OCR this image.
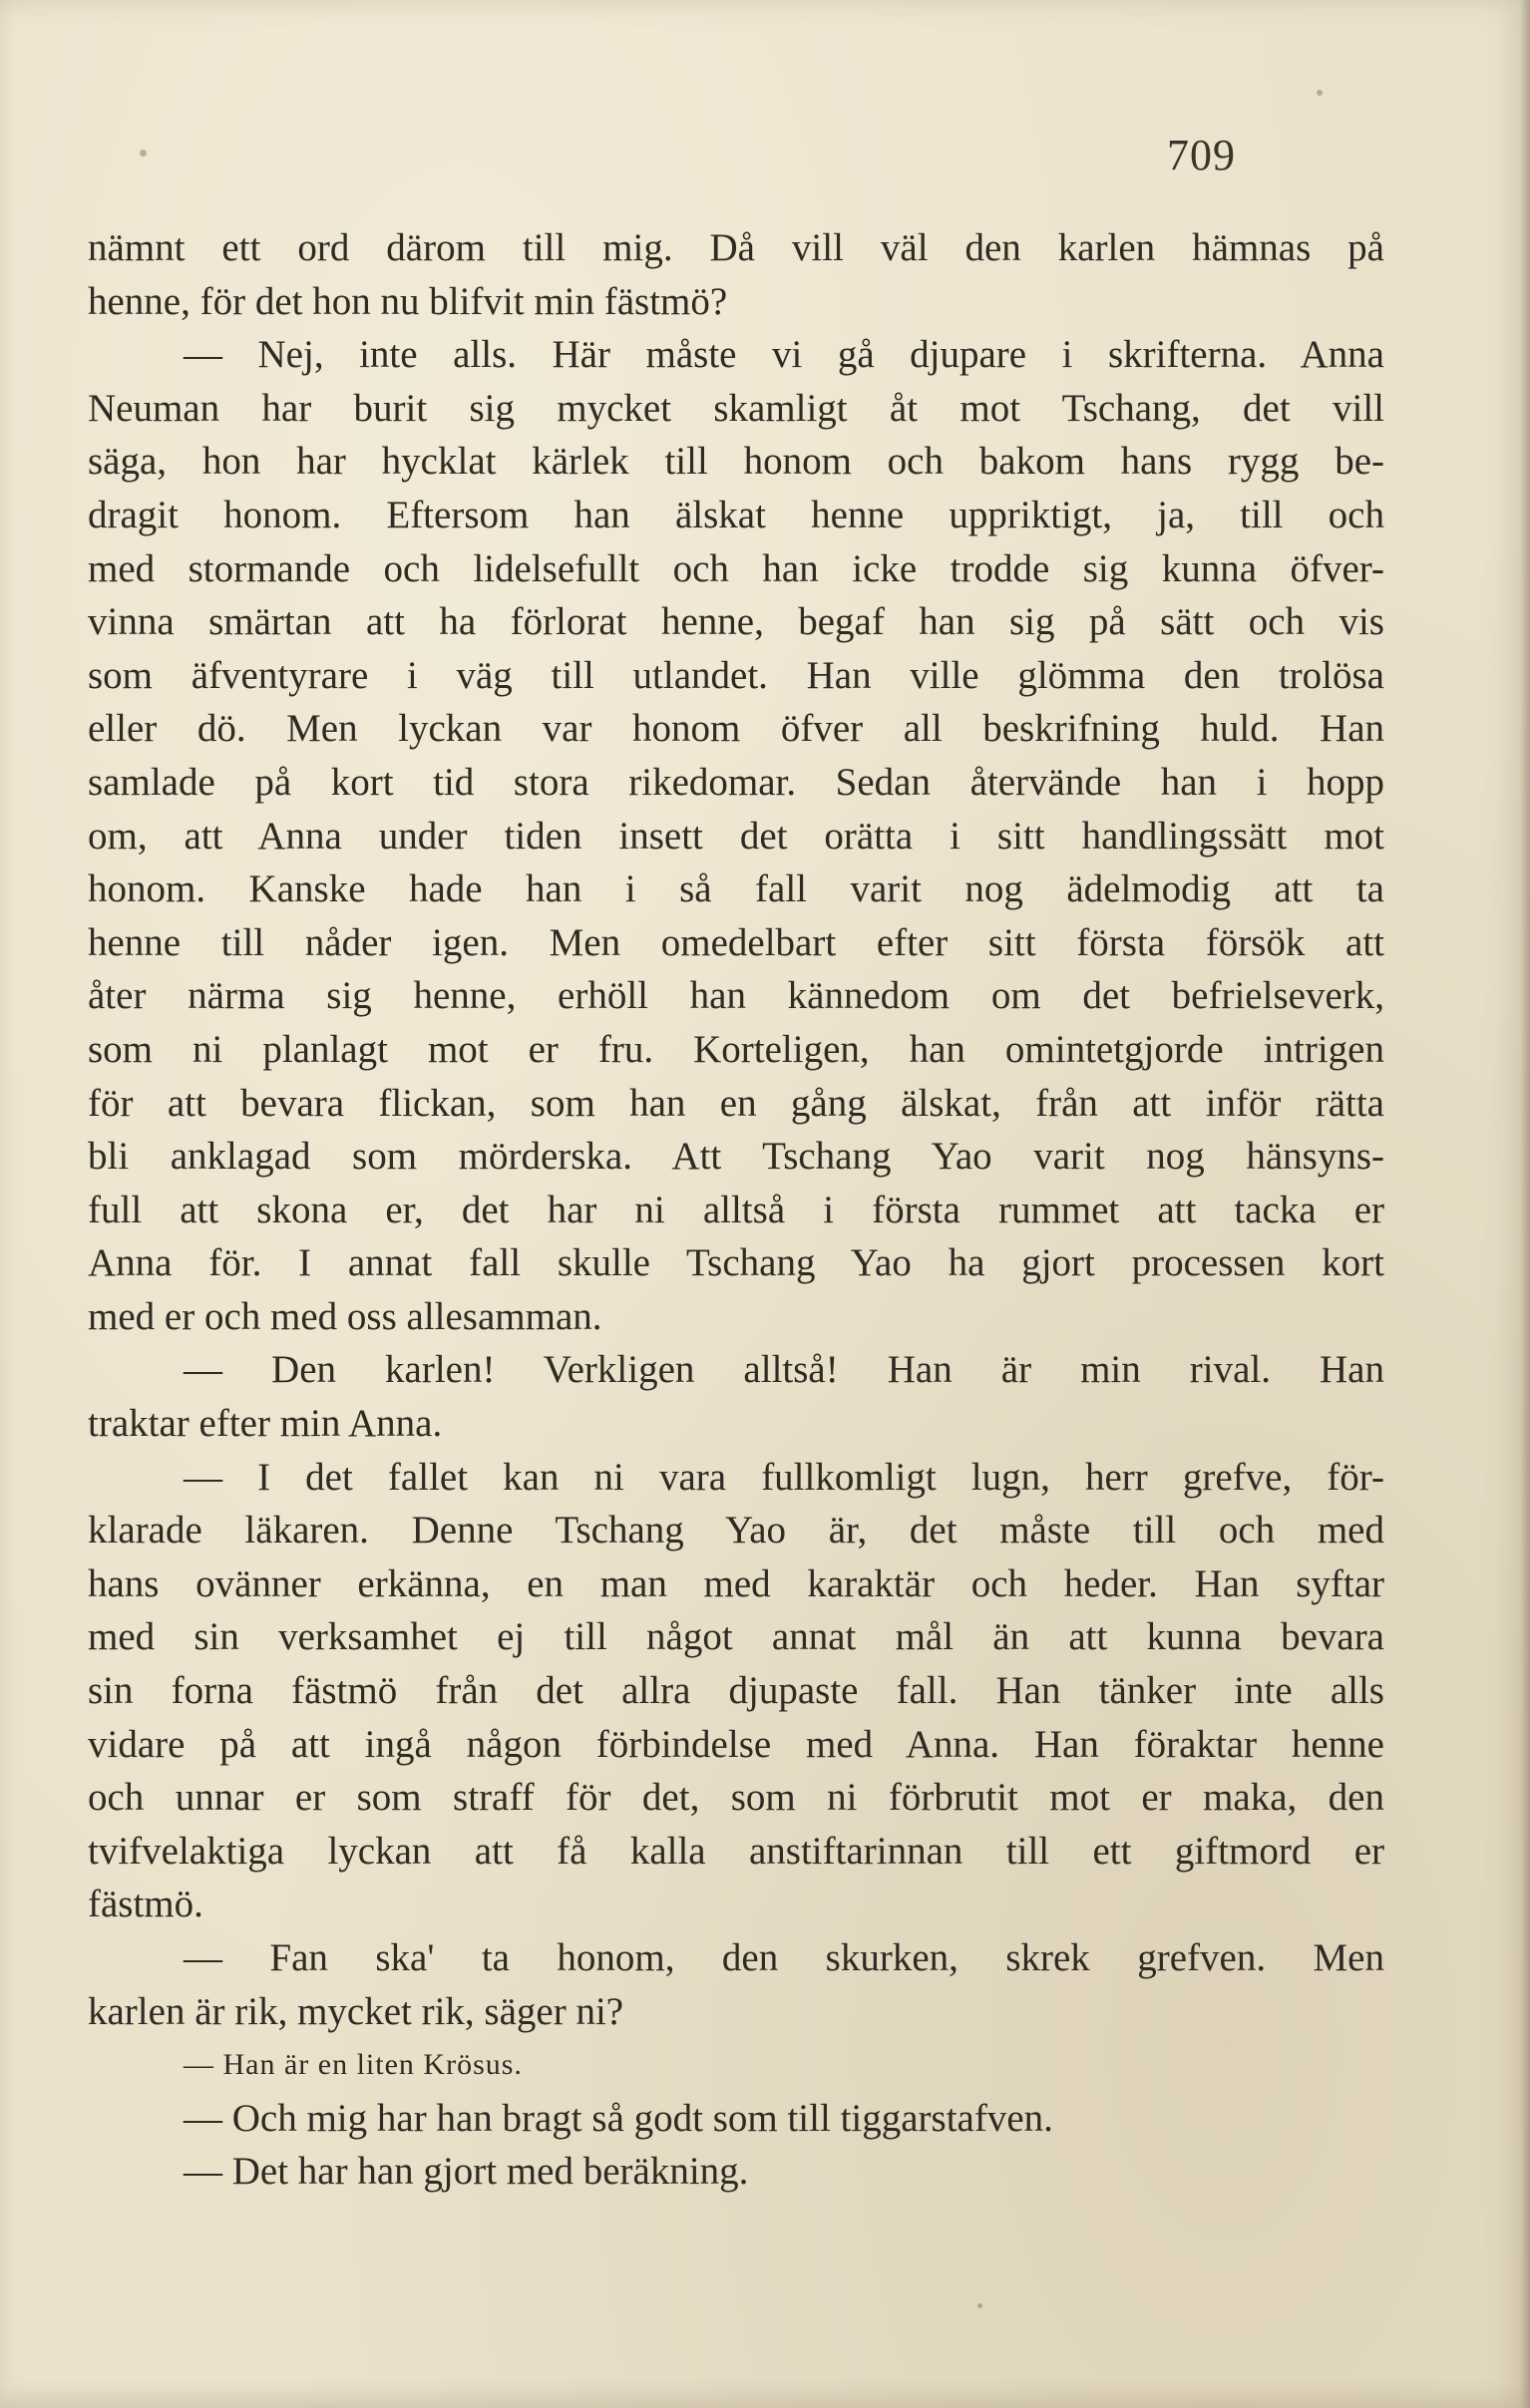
709
nämnt ett ord därom till mig. Då vill väl den karlen hämnas på
henne, för det hon nu blifvit min fästmö?
— Nej, inte alls. Här måste vi gå djupare i skrifterna. Anna
Neuman har burit sig mycket skamligt åt mot Tschang, det vill
säga, hon har hycklat kärlek till honom och bakom hans rygg be-
dragit honom. Eftersom han älskat henne uppriktigt, ja, till och
med stormande och lidelsefullt och han icke trodde sig kunna öfver-
vinna smärtan att ha förlorat henne, begaf han sig på sätt och vis
som äfventyrare i väg till utlandet. Han ville glömma den trolösa
eller dö. Men lyckan var honom öfver all beskrifning huld. Han
samlade på kort tid stora rikedomar. Sedan återvände han i hopp
om, att Anna under tiden insett det orätta i sitt handlingssätt mot
honom. Kanske hade han i så fall varit nog ädelmodig att ta
henne till nåder igen. Men omedelbart efter sitt första försök att
åter närma sig henne, erhöll han kännedom om det befrielseverk,
som ni planlagt mot er fru. Korteligen, han omintetgjorde intrigen
för att bevara flickan, som han en gång älskat, från att inför rätta
bli anklagad som mörderska. Att Tschang Yao varit nog hänsyns-
full att skona er, det har ni alltså i första rummet att tacka er
Anna för. I annat fall skulle Tschang Yao ha gjort processen kort
med er och med oss allesamman.
— Den karlen! Verkligen alltså! Han är min rival. Han
traktar efter min Anna.
— I det fallet kan ni vara fullkomligt lugn, herr grefve, för-
klarade läkaren. Denne Tschang Yao är, det måste till och med
hans ovänner erkänna, en man med karaktär och heder. Han syftar
med sin verksamhet ej till något annat mål än att kunna bevara
sin forna fästmö från det allra djupaste fall. Han tänker inte alls
vidare på att ingå någon förbindelse med Anna. Han föraktar henne
och unnar er som straff för det, som ni förbrutit mot er maka, den
tvifvelaktiga lyckan att få kalla anstiftarinnan till ett giftmord er
fästmö.
— Fan ska' ta honom, den skurken, skrek grefven. Men
karlen är rik, mycket rik, säger ni?
— Han är en liten Krösus.
— Och mig har han bragt så godt som till tiggarstafven.
— Det har han gjort med beräkning.
